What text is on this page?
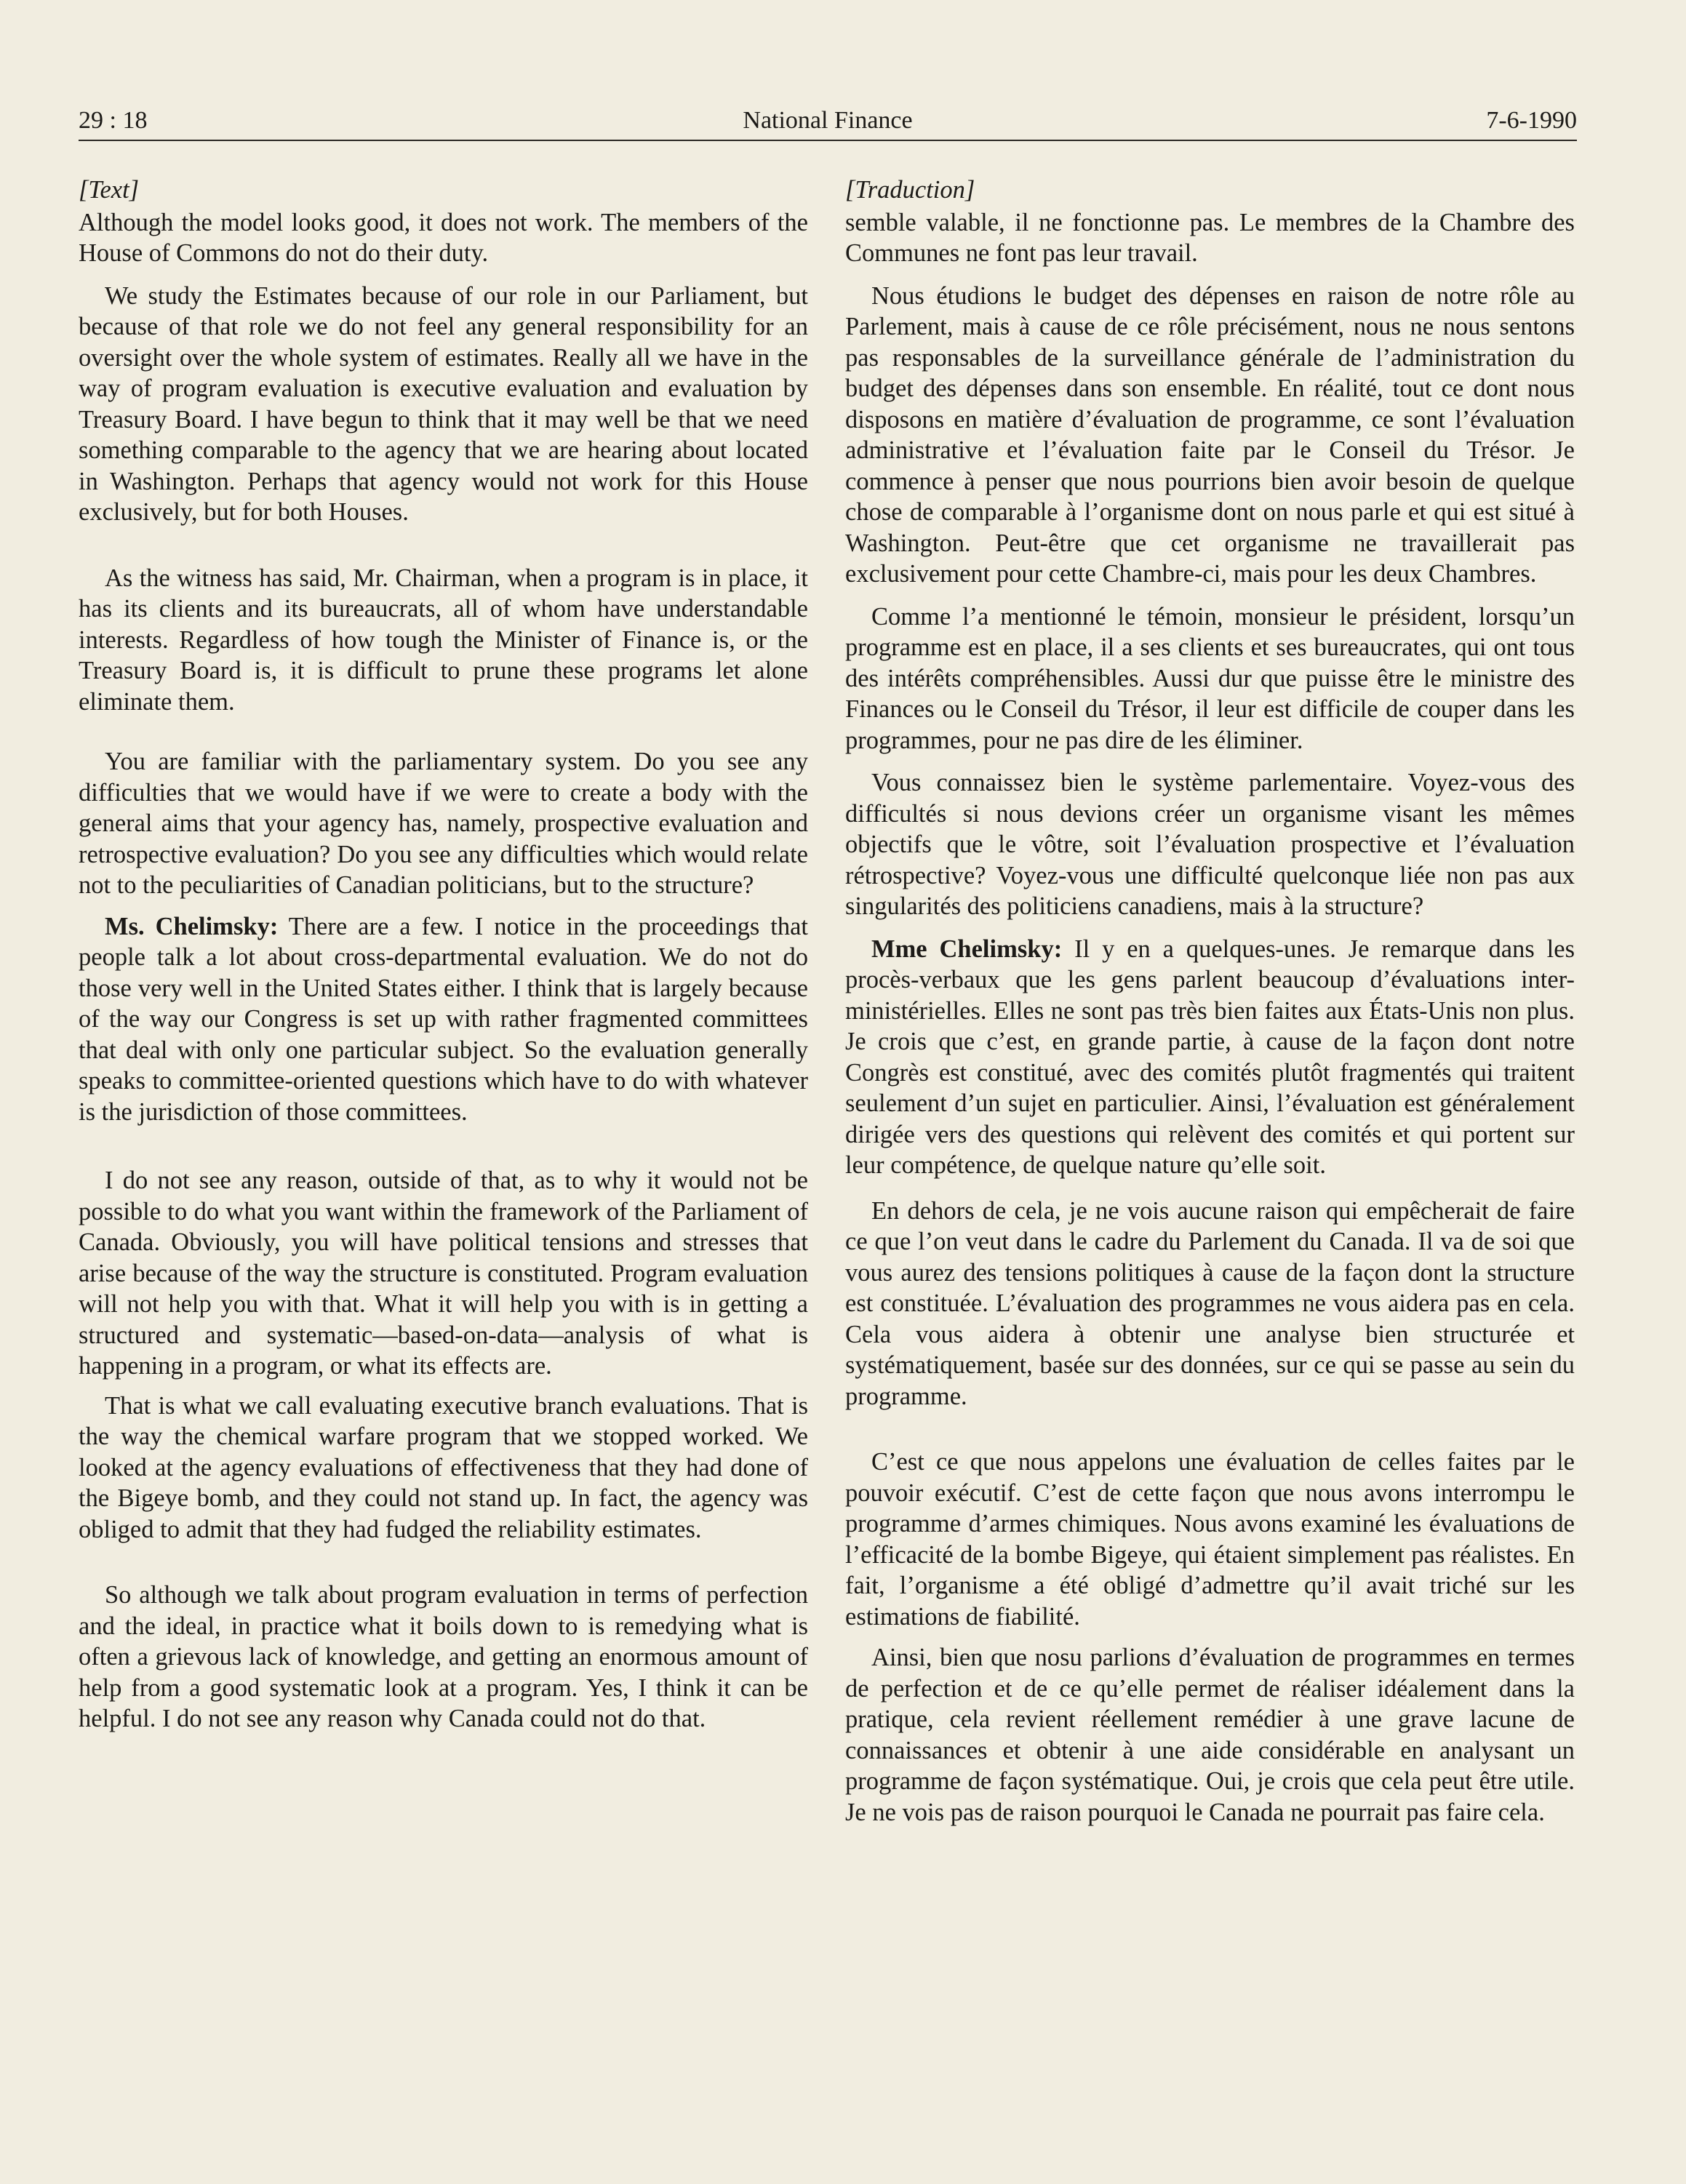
29 : 18	National Finance	7-6-1990
[Text]

Although the model looks good, it does not work. The members of the House of Commons do not do their duty.

We study the Estimates because of our role in our Parliament, but because of that role we do not feel any general responsibility for an oversight over the whole system of estimates. Really all we have in the way of program evaluation is executive evaluation and evaluation by Treasury Board. I have begun to think that it may well be that we need something comparable to the agency that we are hearing about located in Washington. Perhaps that agency would not work for this House exclusively, but for both Houses.

As the witness has said, Mr. Chairman, when a program is in place, it has its clients and its bureaucrats, all of whom have understandable interests. Regardless of how tough the Minister of Finance is, or the Treasury Board is, it is difficult to prune these programs let alone eliminate them.

You are familiar with the parliamentary system. Do you see any difficulties that we would have if we were to create a body with the general aims that your agency has, namely, prospective evaluation and retrospective evaluation? Do you see any difficulties which would relate not to the peculiarities of Canadian politicians, but to the structure?

Ms. Chelimsky: There are a few. I notice in the proceedings that people talk a lot about cross-departmental evaluation. We do not do those very well in the United States either. I think that is largely because of the way our Congress is set up with rather fragmented committees that deal with only one particular subject. So the evaluation generally speaks to committee-oriented questions which have to do with whatever is the jurisdiction of those committees.

I do not see any reason, outside of that, as to why it would not be possible to do what you want within the framework of the Parliament of Canada. Obviously, you will have political tensions and stresses that arise because of the way the structure is constituted. Program evaluation will not help you with that. What it will help you with is in getting a structured and systematic—based-on-data—analysis of what is happening in a program, or what its effects are.

That is what we call evaluating executive branch evaluations. That is the way the chemical warfare program that we stopped worked. We looked at the agency evaluations of effectiveness that they had done of the Bigeye bomb, and they could not stand up. In fact, the agency was obliged to admit that they had fudged the reliability estimates.

So although we talk about program evaluation in terms of perfection and the ideal, in practice what it boils down to is remedying what is often a grievous lack of knowledge, and getting an enormous amount of help from a good systematic look at a program. Yes, I think it can be helpful. I do not see any reason why Canada could not do that.

[Traduction]

semble valable, il ne fonctionne pas. Le membres de la Chambre des Communes ne font pas leur travail.

Nous étudions le budget des dépenses en raison de notre rôle au Parlement, mais à cause de ce rôle précisément, nous ne nous sentons pas responsables de la surveillance générale de l’administration du budget des dépenses dans son ensemble. En réalité, tout ce dont nous disposons en matière d’évaluation de programme, ce sont l’évaluation administrative et l’évaluation faite par le Conseil du Trésor. Je commence à penser que nous pourrions bien avoir besoin de quelque chose de comparable à l’organisme dont on nous parle et qui est situé à Washington. Peut-être que cet organisme ne travaillerait pas exclusivement pour cette Chambre-ci, mais pour les deux Chambres.

Comme l’a mentionné le témoin, monsieur le président, lorsqu’un programme est en place, il a ses clients et ses bureaucrates, qui ont tous des intérêts compréhensibles. Aussi dur que puisse être le ministre des Finances ou le Conseil du Trésor, il leur est difficile de couper dans les programmes, pour ne pas dire de les éliminer.

Vous connaissez bien le système parlementaire. Voyez-vous des difficultés si nous devions créer un organisme visant les mêmes objectifs que le vôtre, soit l’évaluation prospective et l’évaluation rétrospective? Voyez-vous une difficulté quelconque liée non pas aux singularités des politiciens canadiens, mais à la structure?

Mme Chelimsky: Il y en a quelques-unes. Je remarque dans les procès-verbaux que les gens parlent beaucoup d’évaluations inter-ministérielles. Elles ne sont pas très bien faites aux États-Unis non plus. Je crois que c’est, en grande partie, à cause de la façon dont notre Congrès est constitué, avec des comités plutôt fragmentés qui traitent seulement d’un sujet en particulier. Ainsi, l’évaluation est généralement dirigée vers des questions qui relèvent des comités et qui portent sur leur compétence, de quelque nature qu’elle soit.

En dehors de cela, je ne vois aucune raison qui empêcherait de faire ce que l’on veut dans le cadre du Parlement du Canada. Il va de soi que vous aurez des tensions politiques à cause de la façon dont la structure est constituée. L’évaluation des programmes ne vous aidera pas en cela. Cela vous aidera à obtenir une analyse bien structurée et systématiquement, basée sur des données, sur ce qui se passe au sein du programme.

C’est ce que nous appelons une évaluation de celles faites par le pouvoir exécutif. C’est de cette façon que nous avons interrompu le programme d’armes chimiques. Nous avons examiné les évaluations de l’efficacité de la bombe Bigeye, qui étaient simplement pas réalistes. En fait, l’organisme a été obligé d’admettre qu’il avait triché sur les estimations de fiabilité.

Ainsi, bien que nosu parlions d’évaluation de programmes en termes de perfection et de ce qu’elle permet de réaliser idéalement dans la pratique, cela revient réellement remédier à une grave lacune de connaissances et obtenir à une aide considérable en analysant un programme de façon systématique. Oui, je crois que cela peut être utile. Je ne vois pas de raison pourquoi le Canada ne pourrait pas faire cela.
